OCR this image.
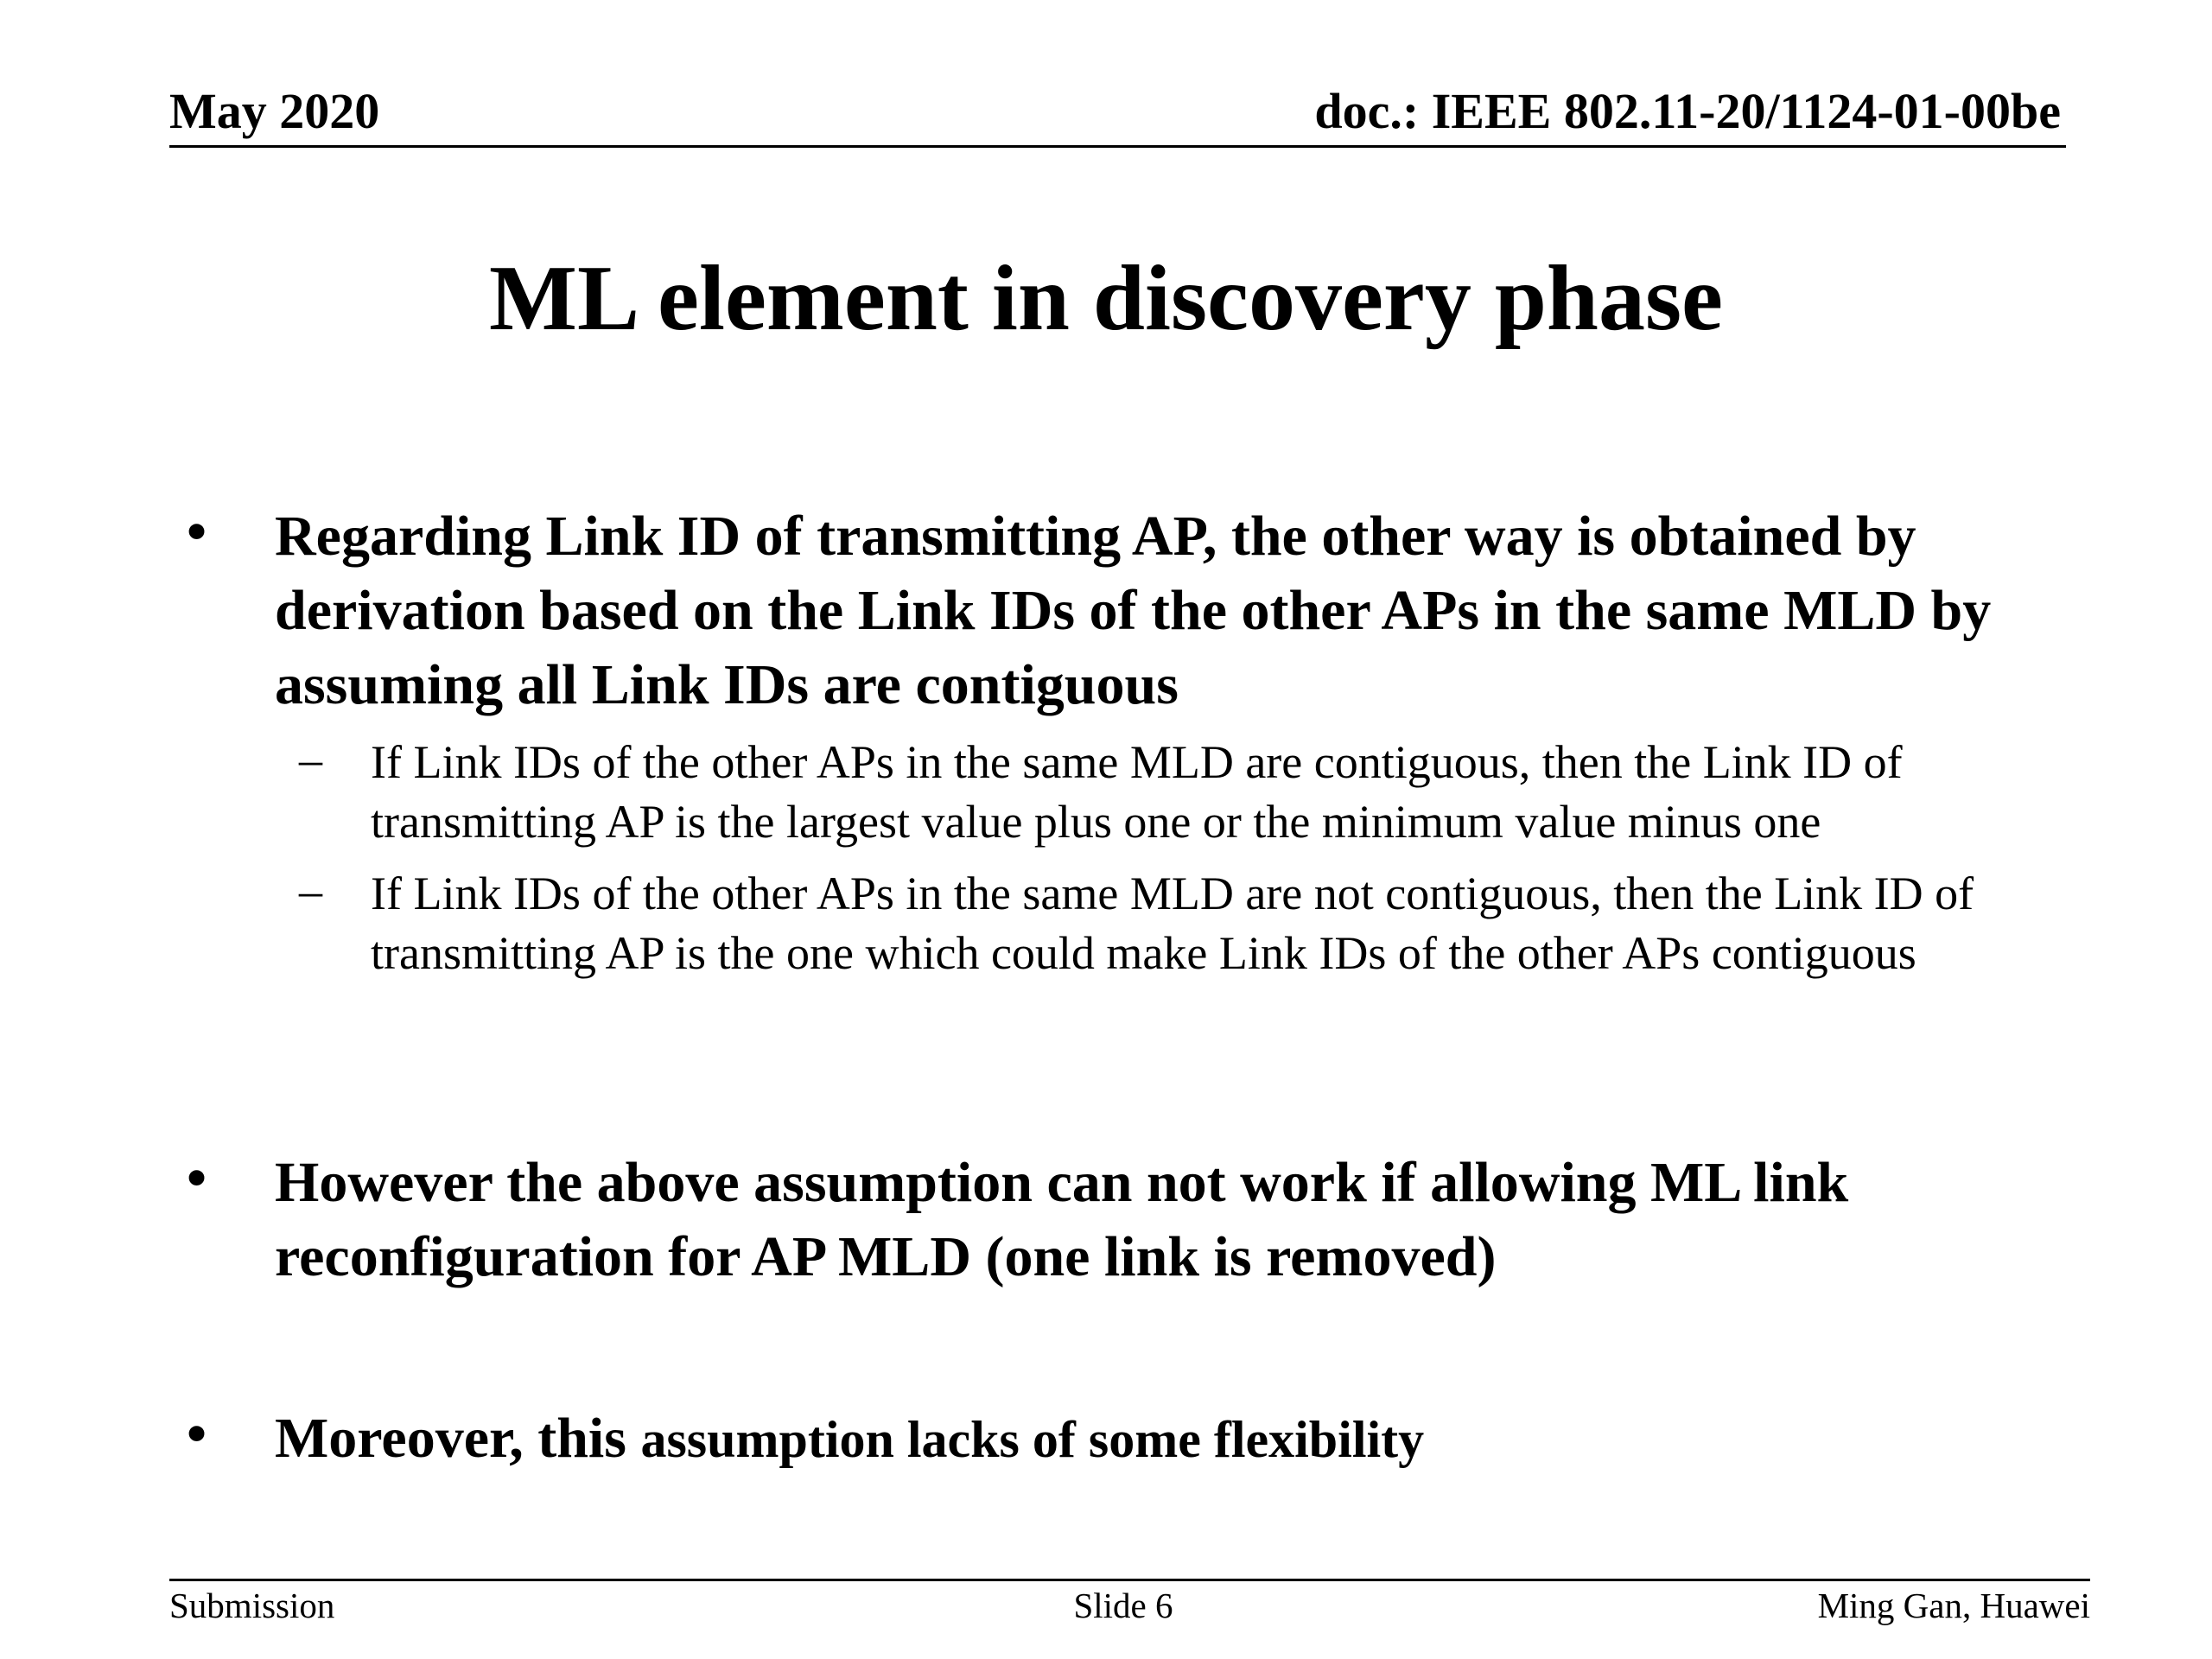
May 2020	doc.: IEEE 802.11-20/1124-01-00be
ML element in discovery phase
• Regarding Link ID of transmitting AP, the other way is obtained by derivation based on the Link IDs of the other APs in the same MLD by assuming all Link IDs are contiguous
– If Link IDs of the other APs in the same MLD are contiguous, then the Link ID of transmitting AP is the largest value plus one or the minimum value minus one
– If Link IDs of the other APs in the same MLD are not contiguous, then the Link ID of transmitting AP is the one which could make Link IDs of the other APs contiguous
• However the above assumption can not work if allowing ML link reconfiguration for AP MLD (one link is removed)
• Moreover, this assumption lacks of some flexibility
Submission	Slide 6	Ming Gan, Huawei
